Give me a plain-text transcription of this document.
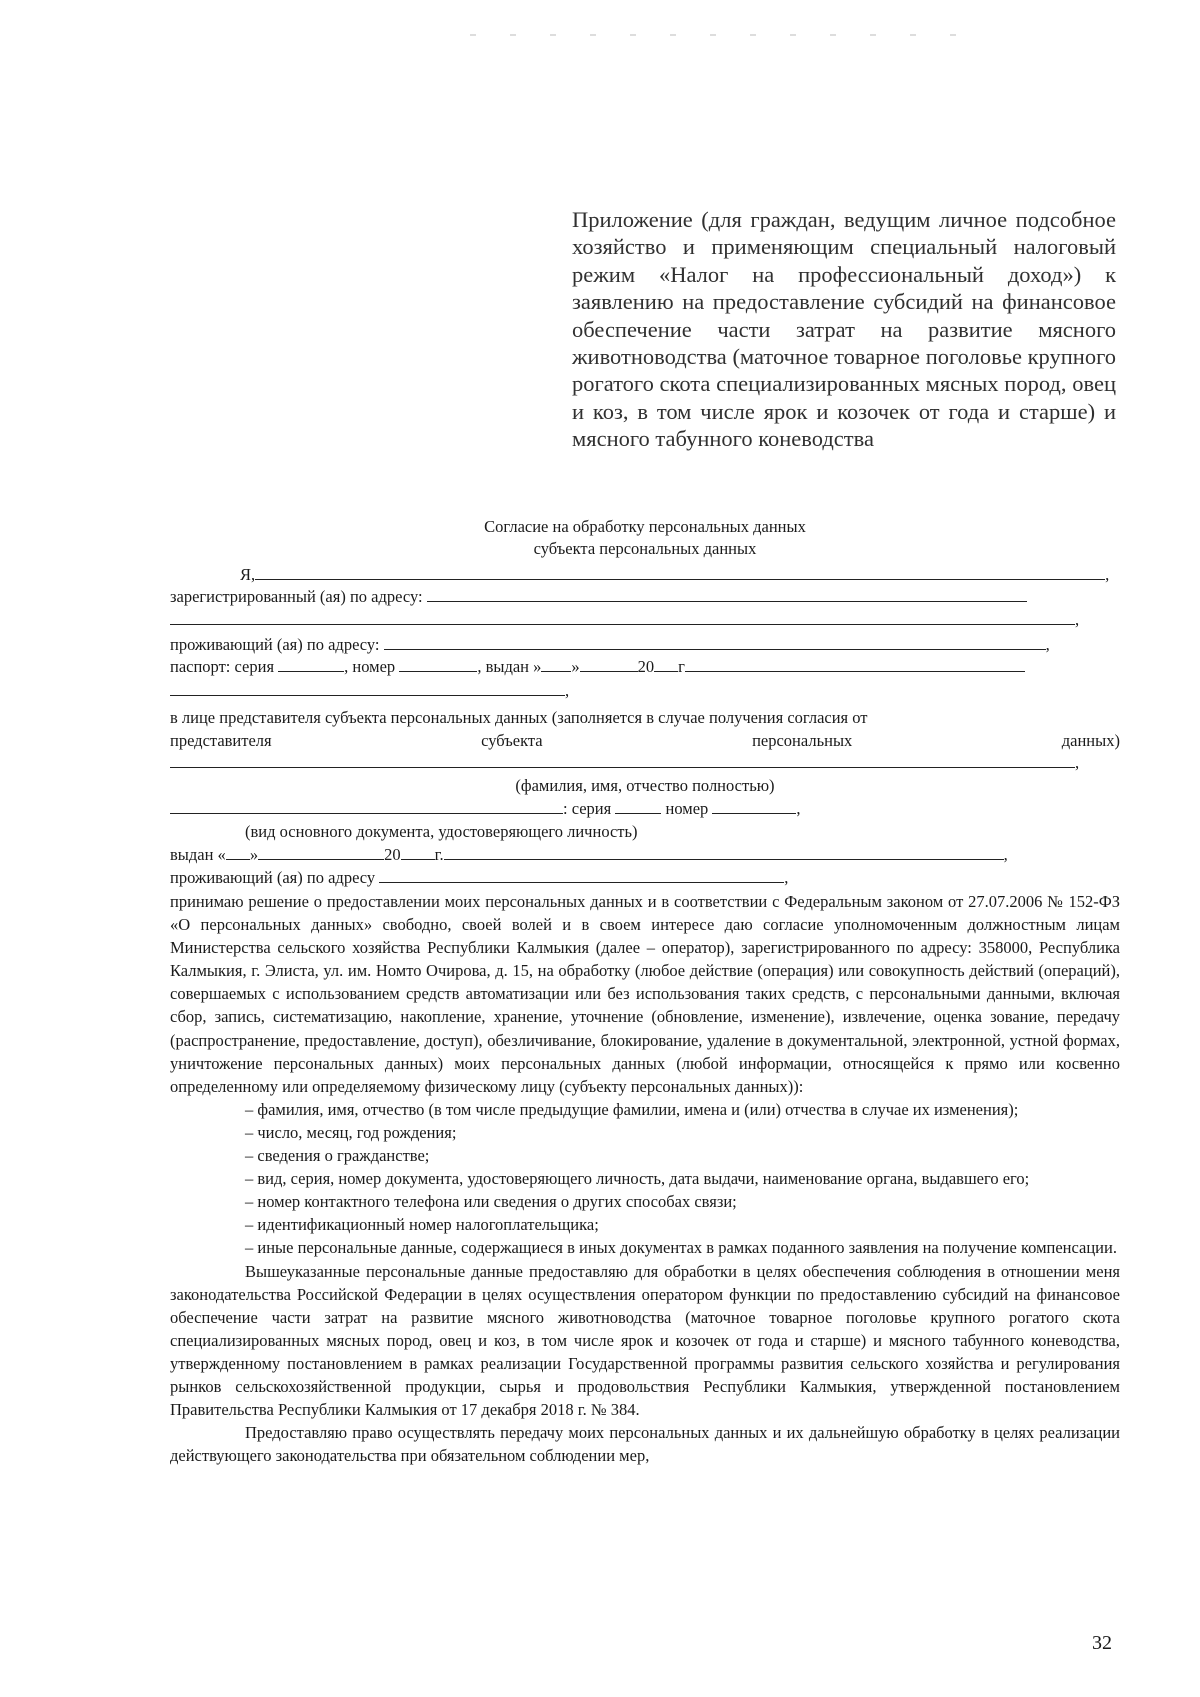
Приложение (для граждан, ведущим личное подсобное хозяйство и применяющим специальный налоговый режим «Налог на профессиональный доход») к заявлению на предоставление субсидий на финансовое обеспечение части затрат на развитие мясного животноводства (маточное товарное поголовье крупного рогатого скота специализированных мясных пород, овец и коз, в том числе ярок и козочек от года и старше) и мясного табунного коневодства
Согласие на обработку персональных данных
субъекта персональных данных
Я,	,
зарегистрированный (ая) по адресу:
,
проживающий (ая) по адресу:	,
паспорт: серия	, номер	, выдан » »	20 г
,
в лице представителя субъекта персональных данных (заполняется в случае получения согласия от
представителя	субъекта	персональных	данных)
,
(фамилия, имя, отчество полностью)
: серия	номер	,
(вид основного документа, удостоверяющего личность)
выдан « »	20 г.	,
проживающий (ая) по адресу	,

принимаю решение о предоставлении моих персональных данных и в соответствии с Федеральным законом от 27.07.2006 № 152-ФЗ «О персональных данных» свободно, своей волей и в своем интересе даю согласие уполномоченным должностным лицам Министерства сельского хозяйства Республики Калмыкия (далее – оператор), зарегистрированного по адресу: 358000, Республика Калмыкия, г. Элиста, ул. им. Номто Очирова, д. 15, на обработку (любое действие (операция) или совокупность действий (операций), совершаемых с использованием средств автоматизации или без использования таких средств, с персональными данными, включая сбор, запись, систематизацию, накопление, хранение, уточнение (обновление, изменение), извлечение, оценка зование, передачу (распространение, предоставление, доступ), обезличивание, блокирование, удаление в документальной, электронной, устной формах, уничтожение персональных данных) моих персональных данных (любой информации, относящейся к прямо или косвенно определенному или определяемому физическому лицу (субъекту персональных данных)):

– фамилия, имя, отчество (в том числе предыдущие фамилии, имена и (или) отчества в случае их изменения);

– число, месяц, год рождения;

– сведения о гражданстве;

– вид, серия, номер документа, удостоверяющего личность, дата выдачи, наименование органа, выдавшего его;

– номер контактного телефона или сведения о других способах связи;

– идентификационный номер налогоплательщика;

– иные персональные данные, содержащиеся в иных документах в рамках поданного заявления на получение компенсации.

Вышеуказанные персональные данные предоставляю для обработки в целях обеспечения соблюдения в отношении меня законодательства Российской Федерации в целях осуществления оператором функции по предоставлению субсидий на финансовое обеспечение части затрат на развитие мясного животноводства (маточное товарное поголовье крупного рогатого скота специализированных мясных пород, овец и коз, в том числе ярок и козочек от года и старше) и мясного табунного коневодства, утвержденному постановлением в рамках реализации Государственной программы развития сельского хозяйства и регулирования рынков сельскохозяйственной продукции, сырья и продовольствия Республики Калмыкия, утвержденной постановлением Правительства Республики Калмыкия от 17 декабря 2018 г. № 384.

Предоставляю право осуществлять передачу моих персональных данных и их дальнейшую обработку в целях реализации действующего законодательства при обязательном соблюдении мер,

32
